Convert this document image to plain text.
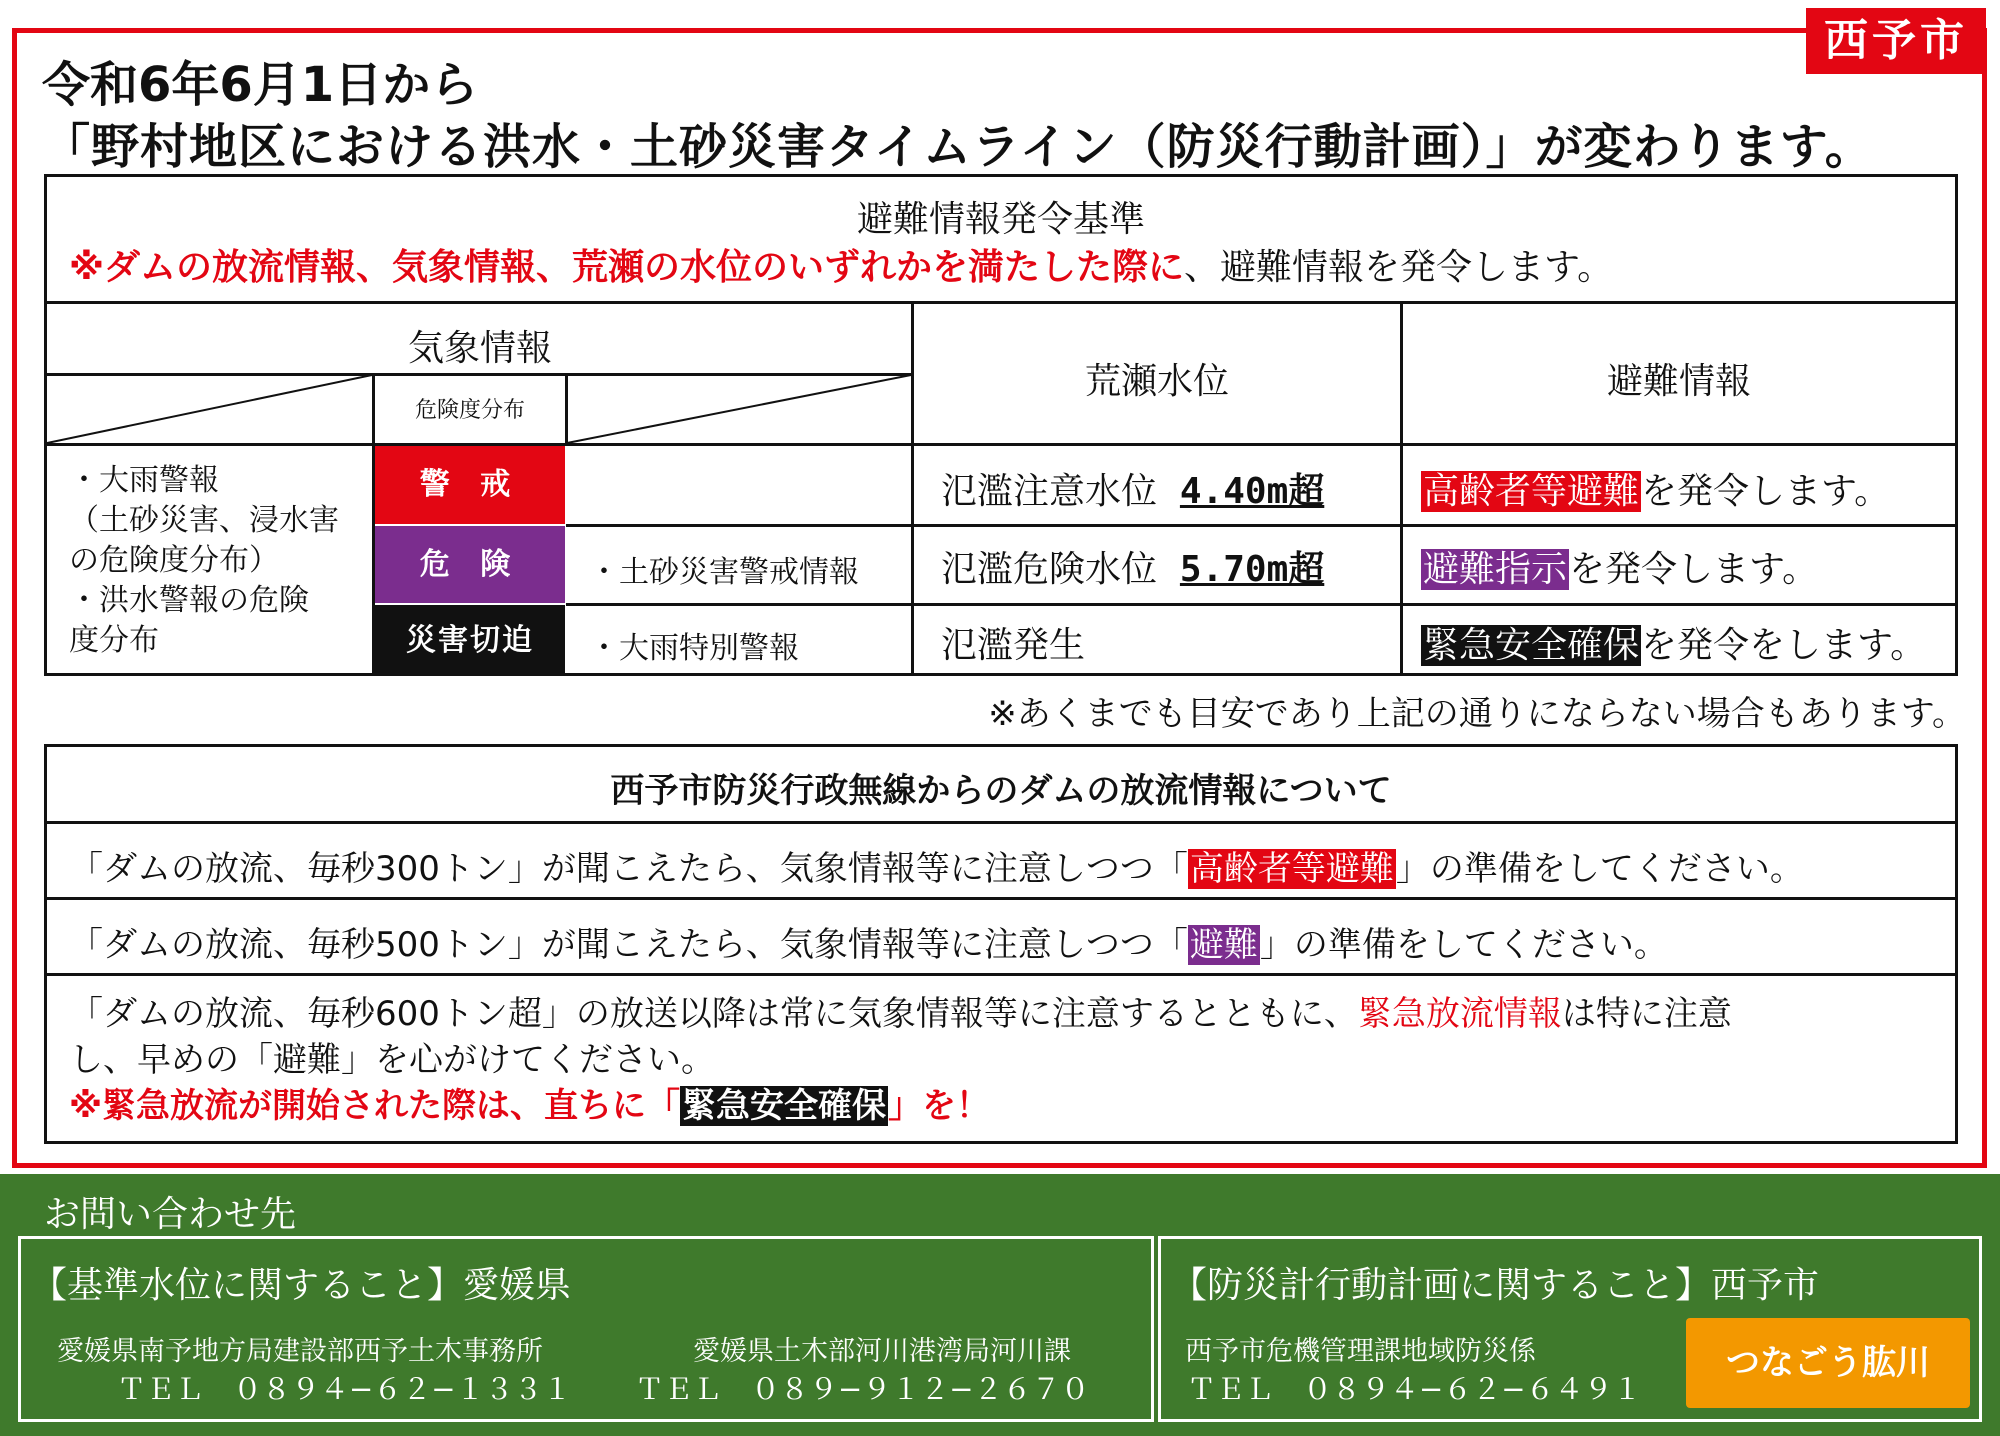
西予市
令和6年6月1日から
「野村地区における洪水・土砂災害タイムライン（防災行動計画）」が変わります。
避難情報発令基準
※ダムの放流情報、気象情報、荒瀬の水位のいずれかを満たした際に、避難情報を発令します。
気象情報
危険度分布
荒瀬水位	避難情報
・大雨警報
（土砂災害、浸水害
の危険度分布）
・洪水警報の危険
度分布
警 戒
危 険
災害切迫
・土砂災害警戒情報
・大雨特別警報
氾濫注意水位 4.40m超
氾濫危険水位 5.70m超
氾濫発生
高齢者等避難を発令します。
避難指示を発令します。
緊急安全確保を発令をします。
※あくまでも目安であり上記の通りにならない場合もあります。
西予市防災行政無線からのダムの放流情報について
「ダムの放流、毎秒300トン」が聞こえたら、気象情報等に注意しつつ「高齢者等避難」の準備をしてください。
「ダムの放流、毎秒500トン」が聞こえたら、気象情報等に注意しつつ「避難」の準備をしてください。
「ダムの放流、毎秒600トン超」の放送以降は常に気象情報等に注意するとともに、緊急放流情報は特に注意
し、早めの「避難」を心がけてください。
※緊急放流が開始された際は、直ちに「緊急安全確保」を！
お問い合わせ先
【基準水位に関すること】愛媛県
愛媛県南予地方局建設部西予土木事務所
ＴＥＬ　０８９４−６２−１３３１
愛媛県土木部河川港湾局河川課
ＴＥＬ　０８９−９１２−２６７０
【防災計行動計画に関すること】西予市
西予市危機管理課地域防災係
ＴＥＬ　０８９４−６２−６４９１
つなごう肱川
